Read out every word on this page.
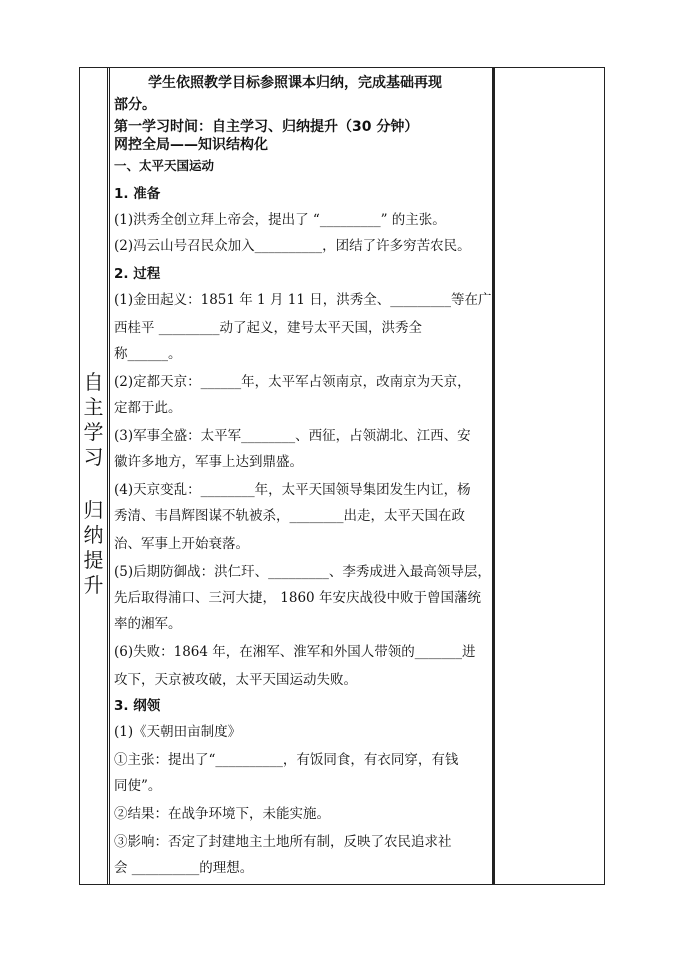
自
主
学
习
归
纳
提
升
学生依照教学目标参照课本归纳，完成基础再现
部分。
第一学习时间：自主学习、归纳提升（30 分钟）
网控全局——知识结构化
一、太平天国运动
1. 准备
(1)洪秀全创立拜上帝会，提出了 “_________” 的主张。
(2)冯云山号召民众加入__________，团结了许多穷苦农民。
2. 过程
(1)金田起义：1851 年 1 月 11 日，洪秀全、_________等在广
西桂平 _________动了起义，建号太平天国，洪秀全
称______。
(2)定都天京：______年，太平军占领南京，改南京为天京，
定都于此。
(3)军事全盛：太平军________、西征，占领湖北、江西、安
徽许多地方，军事上达到鼎盛。
(4)天京变乱：________年，太平天国领导集团发生内讧，杨
秀清、韦昌辉图谋不轨被杀，________出走，太平天国在政
治、军事上开始衰落。
(5)后期防御战：洪仁玕、_________、李秀成进入最高领导层，
先后取得浦口、三河大捷， 1860 年安庆战役中败于曾国藩统
率的湘军。
(6)失败：1864 年，在湘军、淮军和外国人带领的_______进
攻下，天京被攻破，太平天国运动失败。
3. 纲领
(1)《天朝田亩制度》
①主张：提出了“__________，有饭同食，有衣同穿，有钱
同使”。
②结果：在战争环境下，未能实施。
③影响：否定了封建地主土地所有制，反映了农民追求社
会 __________的理想。
